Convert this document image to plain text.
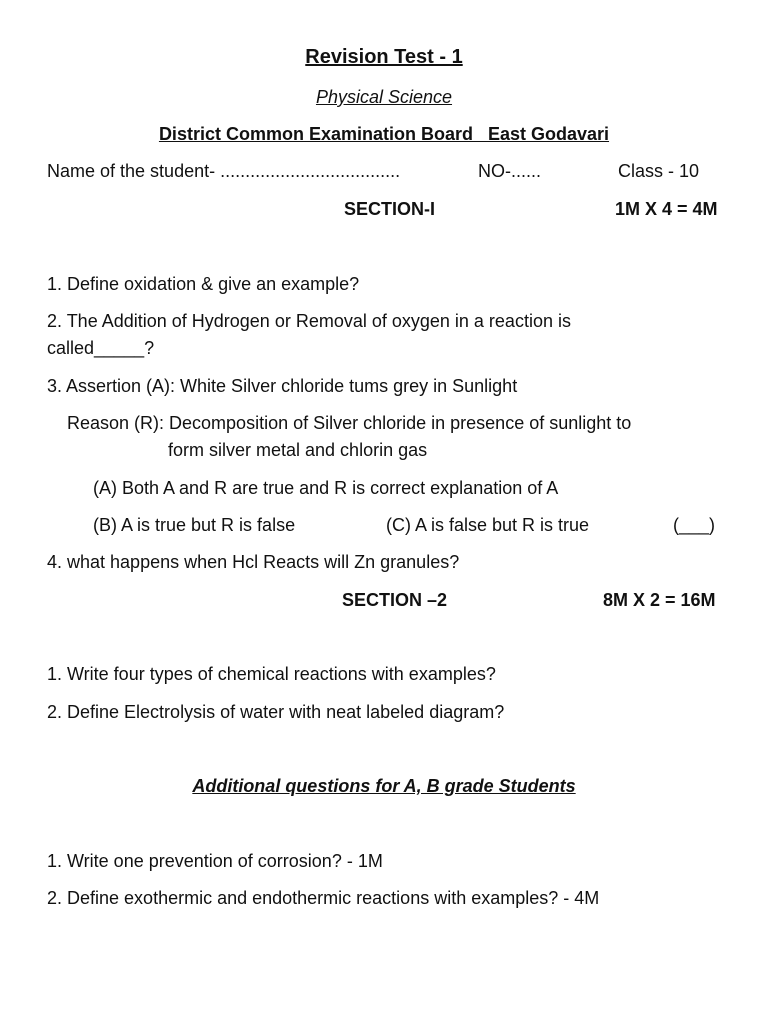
Revision Test - 1
Physical Science
District Common Examination Board   East Godavari
Name of the student- ....................................	NO-......	Class - 10
SECTION-I	1M X 4 = 4M
1. Define oxidation & give an example?
2. The Addition of Hydrogen or Removal of oxygen in a reaction is
called_____?
3. Assertion (A): White Silver chloride tums grey in Sunlight
Reason (R): Decomposition of Silver chloride in presence of sunlight to
form silver metal and chlorin gas
(A) Both A and R are true and R is correct explanation of A
(B) A is true but R is false	(C) A is false but R is true	(___)
4. what happens when Hcl Reacts will Zn granules?
SECTION –2	8M X 2 = 16M
1. Write four types of chemical reactions with examples?
2. Define Electrolysis of water with neat labeled diagram?
Additional questions for A, B grade Students
1. Write one prevention of corrosion? - 1M
2. Define exothermic and endothermic reactions with examples? - 4M
